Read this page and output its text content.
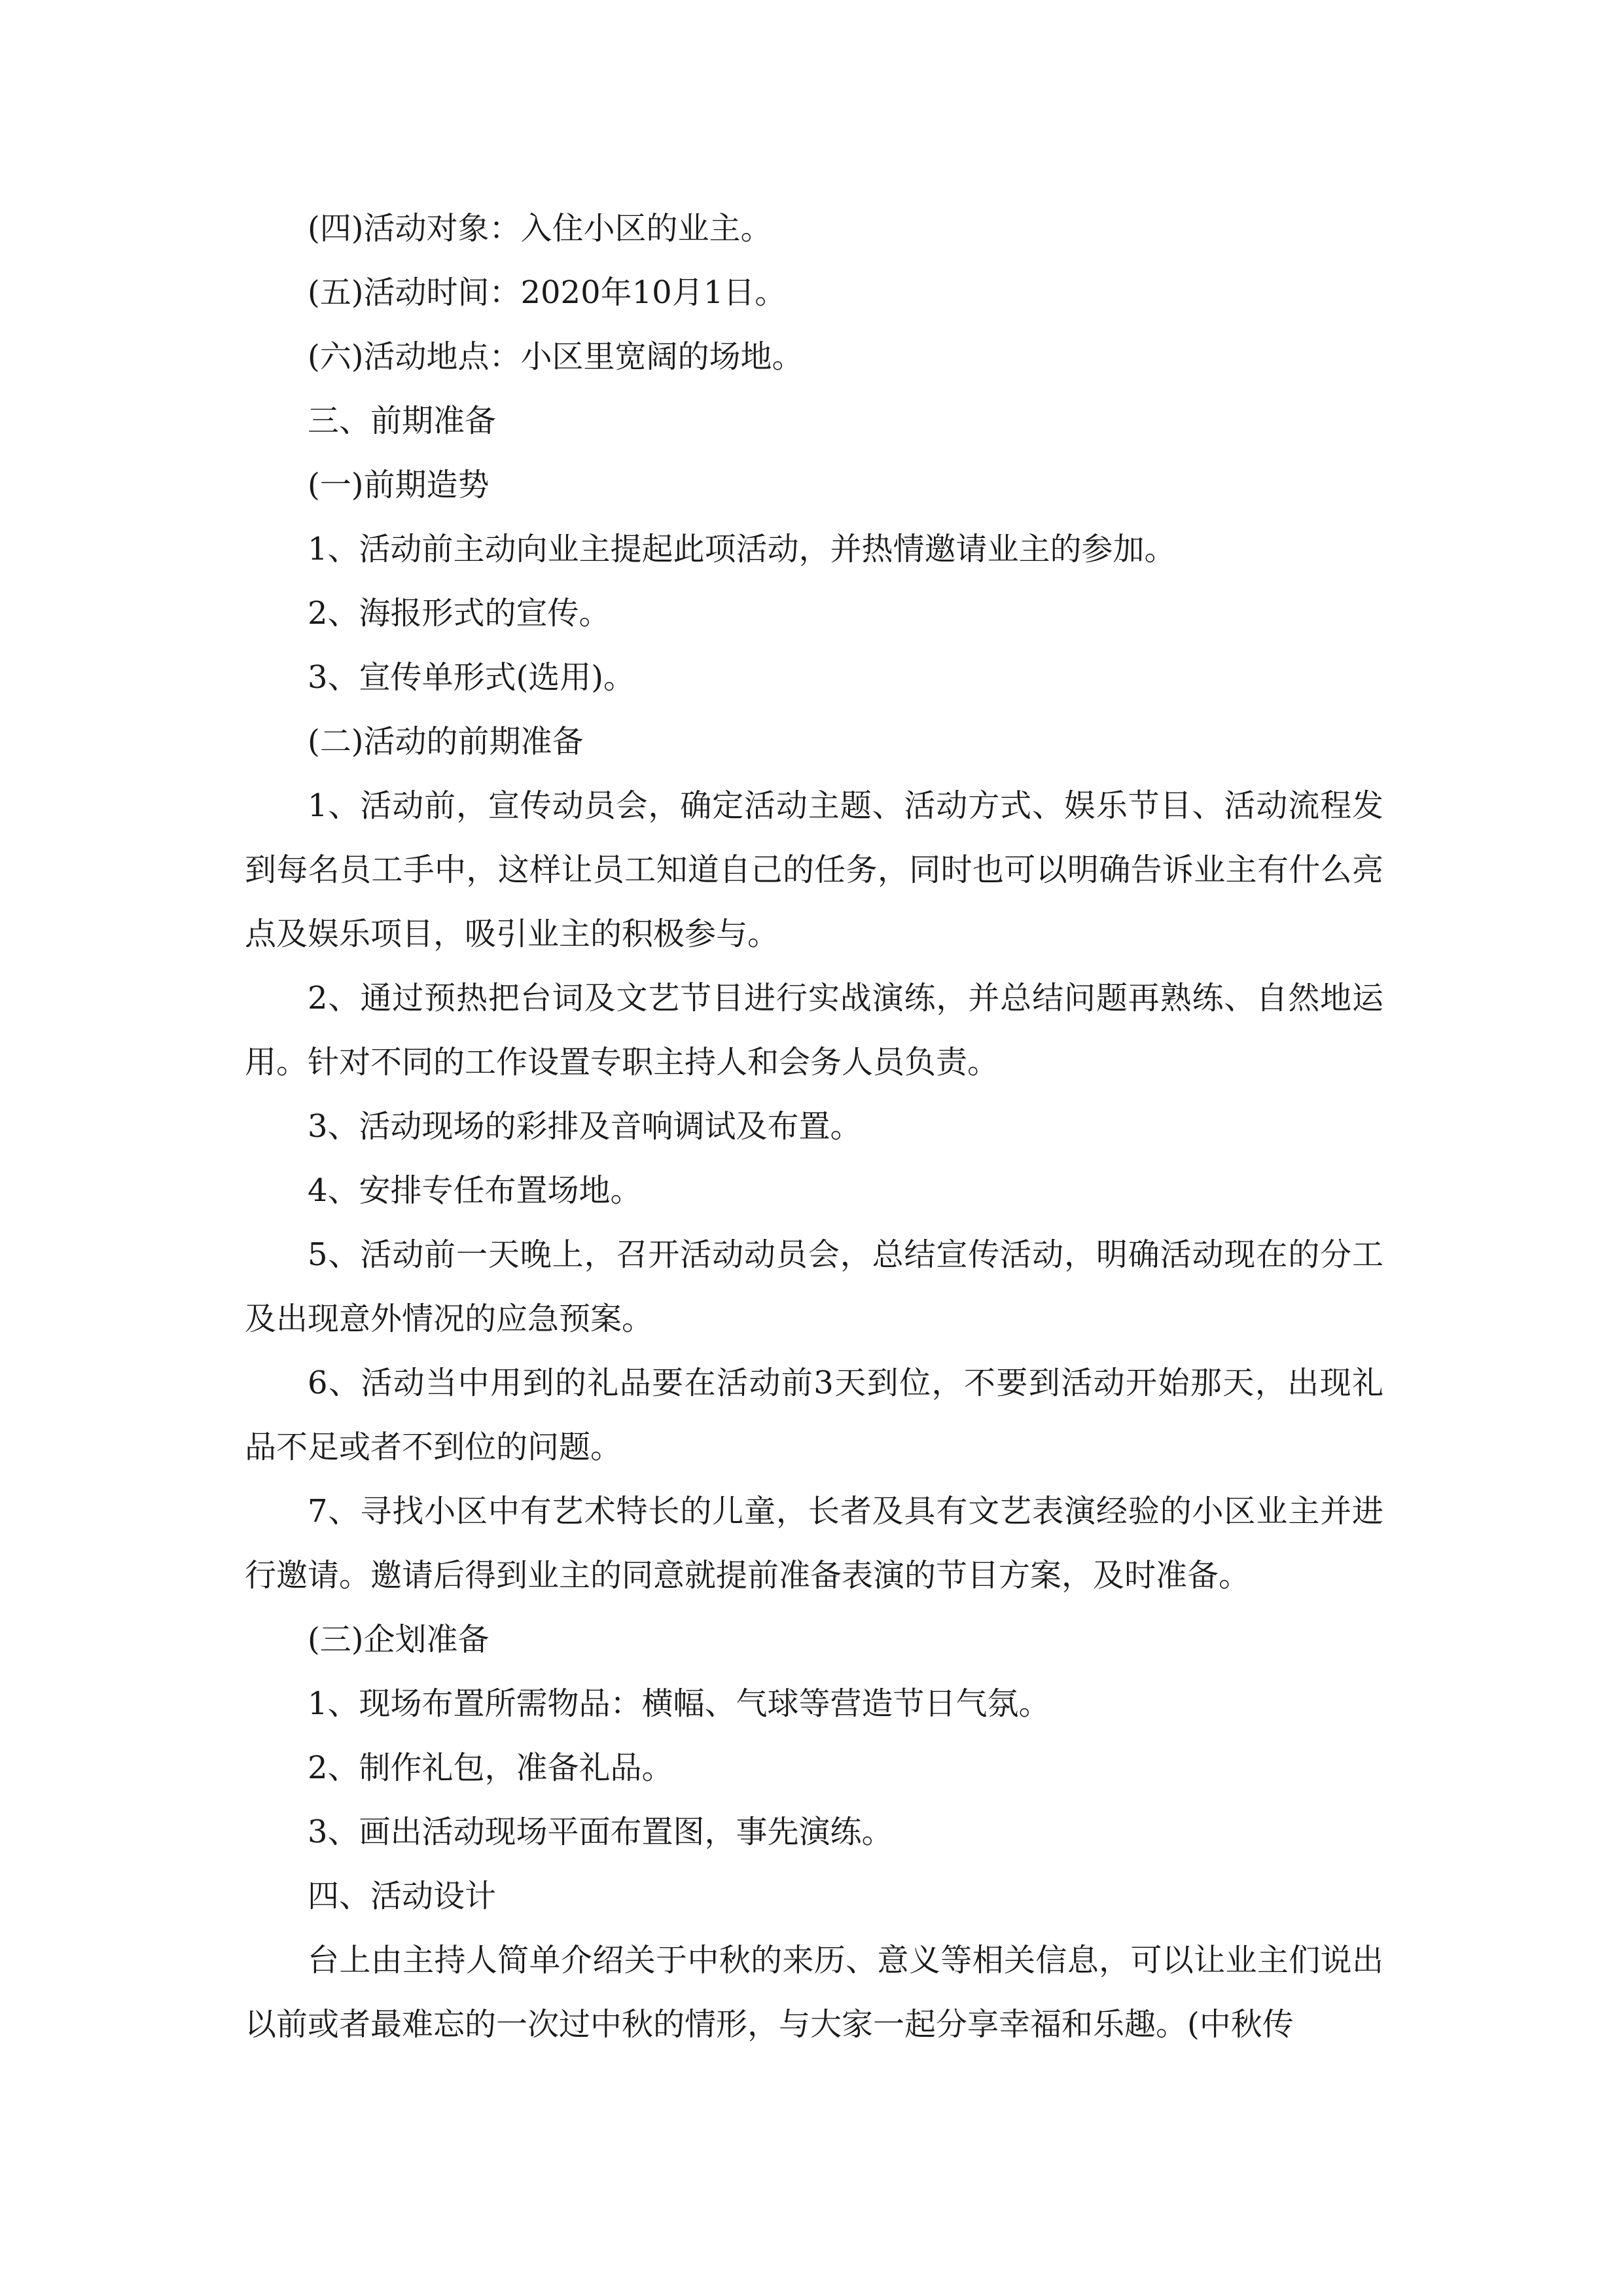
(四)活动对象：入住小区的业主。

(五)活动时间：2020年10月1日。

(六)活动地点：小区里宽阔的场地。

三、前期准备

(一)前期造势

1、活动前主动向业主提起此项活动，并热情邀请业主的参加。

2、海报形式的宣传。

3、宣传单形式(选用)。

(二)活动的前期准备

1、活动前，宣传动员会，确定活动主题、活动方式、娱乐节目、活动流程发到每名员工手中，这样让员工知道自己的任务，同时也可以明确告诉业主有什么亮点及娱乐项目，吸引业主的积极参与。

2、通过预热把台词及文艺节目进行实战演练，并总结问题再熟练、自然地运用。针对不同的工作设置专职主持人和会务人员负责。

3、活动现场的彩排及音响调试及布置。

4、安排专任布置场地。

5、活动前一天晚上，召开活动动员会，总结宣传活动，明确活动现在的分工及出现意外情况的应急预案。

6、活动当中用到的礼品要在活动前3天到位，不要到活动开始那天，出现礼品不足或者不到位的问题。

7、寻找小区中有艺术特长的儿童，长者及具有文艺表演经验的小区业主并进行邀请。邀请后得到业主的同意就提前准备表演的节目方案，及时准备。

(三)企划准备

1、现场布置所需物品：横幅、气球等营造节日气氛。

2、制作礼包，准备礼品。

3、画出活动现场平面布置图，事先演练。

四、活动设计

台上由主持人简单介绍关于中秋的来历、意义等相关信息，可以让业主们说出以前或者最难忘的一次过中秋的情形，与大家一起分享幸福和乐趣。(中秋传
